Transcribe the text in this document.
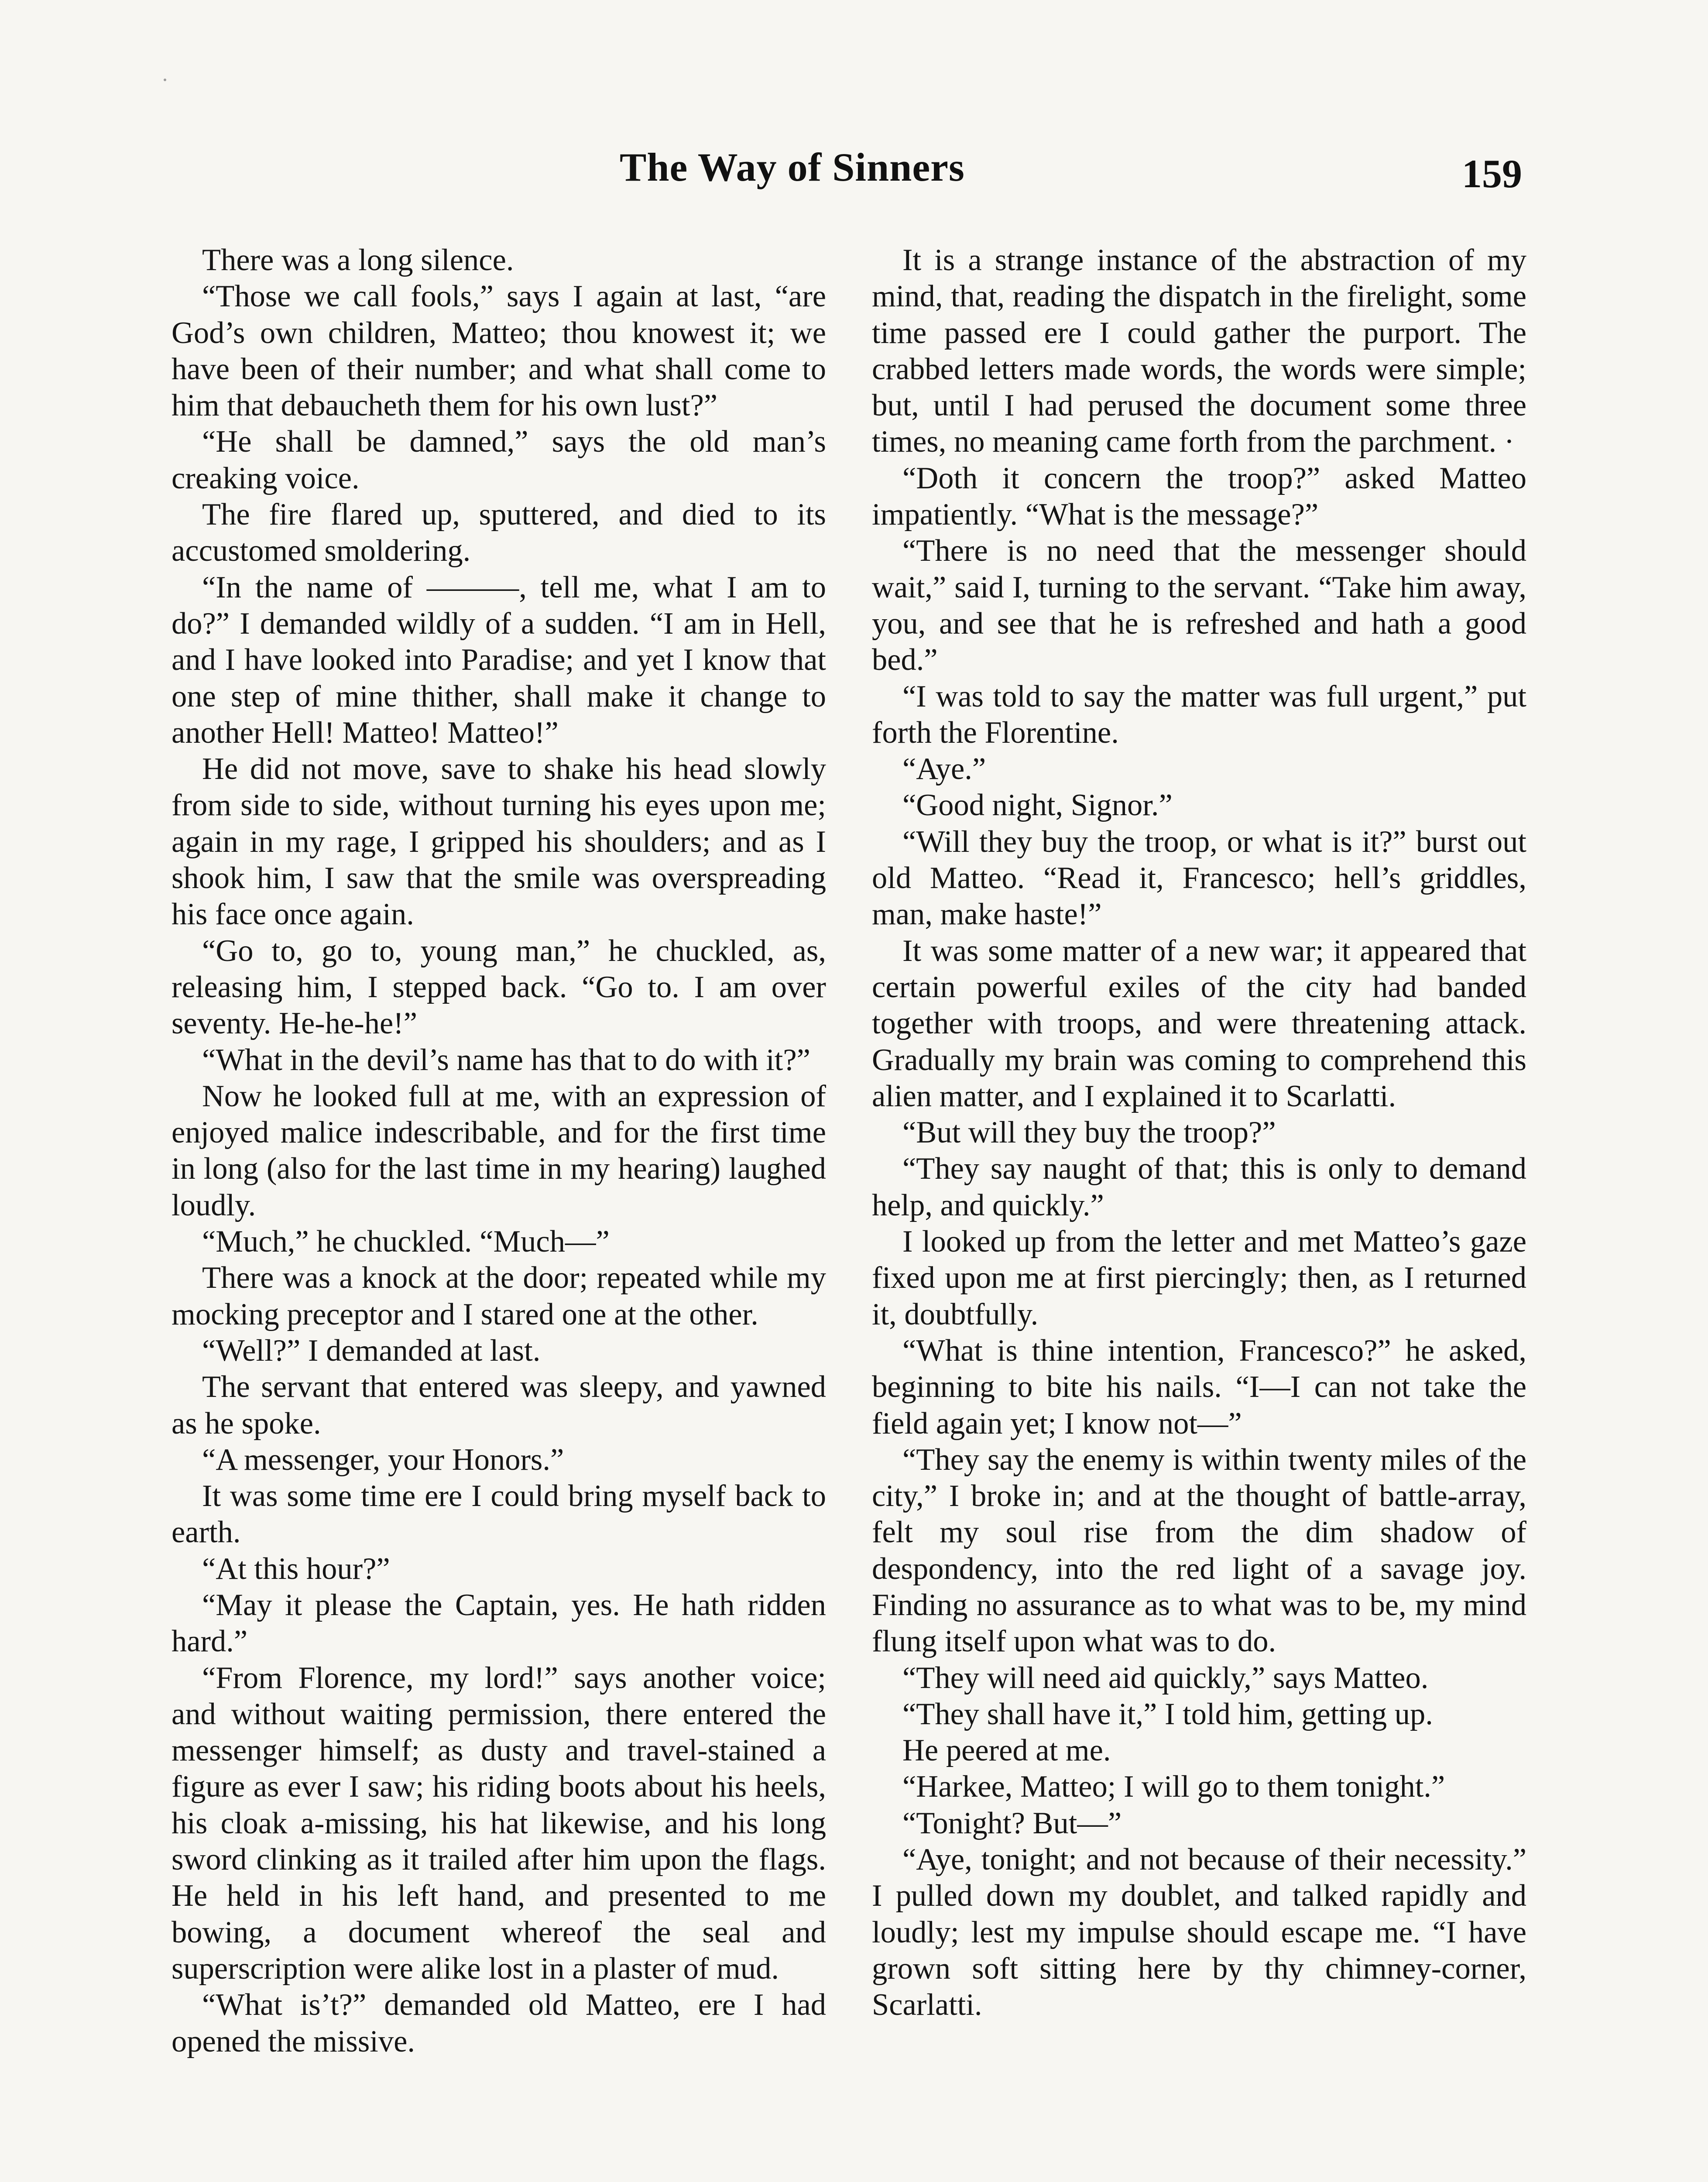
The Way of Sinners	159

There was a long silence.

“Those we call fools,” says I again at last, “are God’s own children, Matteo; thou knowest it; we have been of their number; and what shall come to him that debaucheth them for his own lust?”

“He shall be damned,” says the old man’s creaking voice.

The fire flared up, sputtered, and died to its accustomed smoldering.

“In the name of ———, tell me, what I am to do?” I demanded wildly of a sudden. “I am in Hell, and I have looked into Paradise; and yet I know that one step of mine thither, shall make it change to another Hell! Matteo! Matteo!”

He did not move, save to shake his head slowly from side to side, without turning his eyes upon me; again in my rage, I gripped his shoulders; and as I shook him, I saw that the smile was overspreading his face once again.

“Go to, go to, young man,” he chuckled, as, releasing him, I stepped back. “Go to. I am over seventy. He-he-he!”

“What in the devil’s name has that to do with it?”

Now he looked full at me, with an expression of enjoyed malice indescribable, and for the first time in long (also for the last time in my hearing) laughed loudly.

“Much,” he chuckled. “Much—”

There was a knock at the door; repeated while my mocking preceptor and I stared one at the other.

“Well?” I demanded at last.

The servant that entered was sleepy, and yawned as he spoke.

“A messenger, your Honors.”

It was some time ere I could bring myself back to earth.

“At this hour?”

“May it please the Captain, yes. He hath ridden hard.”

“From Florence, my lord!” says another voice; and without waiting permission, there entered the messenger himself; as dusty and travel-stained a figure as ever I saw; his riding boots about his heels, his cloak a-missing, his hat likewise, and his long sword clinking as it trailed after him upon the flags. He held in his left hand, and presented to me bowing, a document whereof the seal and superscription were alike lost in a plaster of mud.

“What is’t?” demanded old Matteo, ere I had opened the missive.

It is a strange instance of the abstraction of my mind, that, reading the dispatch in the firelight, some time passed ere I could gather the purport. The crabbed letters made words, the words were simple; but, until I had perused the document some three times, no meaning came forth from the parchment. ·

“Doth it concern the troop?” asked Matteo impatiently. “What is the message?”

“There is no need that the messenger should wait,” said I, turning to the servant. “Take him away, you, and see that he is refreshed and hath a good bed.”

“I was told to say the matter was full urgent,” put forth the Florentine.

“Aye.”

“Good night, Signor.”

“Will they buy the troop, or what is it?” burst out old Matteo. “Read it, Francesco; hell’s griddles, man, make haste!”

It was some matter of a new war; it appeared that certain powerful exiles of the city had banded together with troops, and were threatening attack. Gradually my brain was coming to comprehend this alien matter, and I explained it to Scarlatti.

“But will they buy the troop?”

“They say naught of that; this is only to demand help, and quickly.”

I looked up from the letter and met Matteo’s gaze fixed upon me at first piercingly; then, as I returned it, doubtfully.

“What is thine intention, Francesco?” he asked, beginning to bite his nails. “I—I can not take the field again yet; I know not—”

“They say the enemy is within twenty miles of the city,” I broke in; and at the thought of battle-array, felt my soul rise from the dim shadow of despondency, into the red light of a savage joy. Finding no assurance as to what was to be, my mind flung itself upon what was to do.

“They will need aid quickly,” says Matteo.

“They shall have it,” I told him, getting up.

He peered at me.

“Harkee, Matteo; I will go to them tonight.”

“Tonight? But—”

“Aye, tonight; and not because of their necessity.” I pulled down my doublet, and talked rapidly and loudly; lest my impulse should escape me. “I have grown soft sitting here by thy chimney-corner, Scarlatti.
